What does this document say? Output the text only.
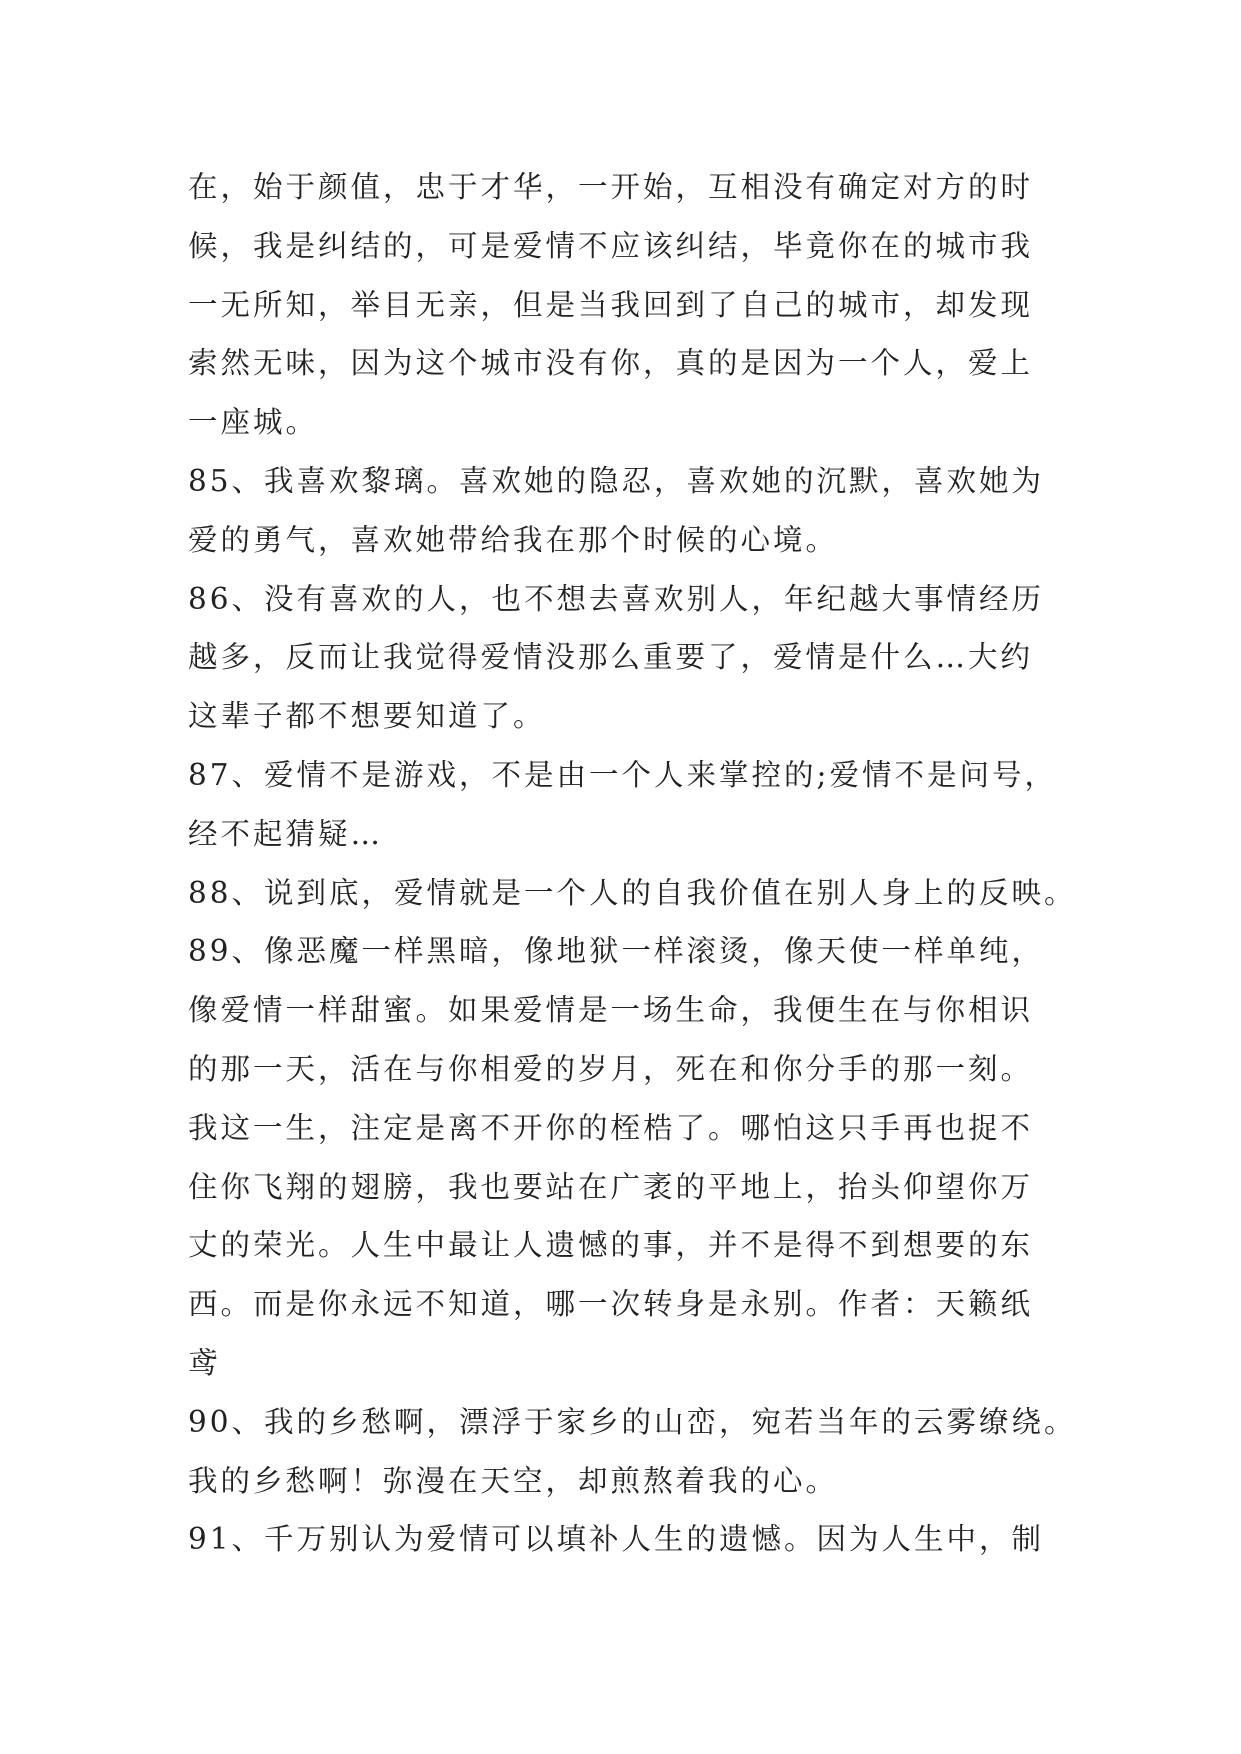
在，始于颜值，忠于才华，一开始，互相没有确定对方的时
候，我是纠结的，可是爱情不应该纠结，毕竟你在的城市我
一无所知，举目无亲，但是当我回到了自己的城市，却发现
索然无味，因为这个城市没有你，真的是因为一个人，爱上
一座城。
85、我喜欢黎璃。喜欢她的隐忍，喜欢她的沉默，喜欢她为
爱的勇气，喜欢她带给我在那个时候的心境。
86、没有喜欢的人，也不想去喜欢别人，年纪越大事情经历
越多，反而让我觉得爱情没那么重要了，爱情是什么…大约
这辈子都不想要知道了。
87、爱情不是游戏，不是由一个人来掌控的;爱情不是问号，
经不起猜疑…
88、说到底，爱情就是一个人的自我价值在别人身上的反映。
89、像恶魔一样黑暗，像地狱一样滚烫，像天使一样单纯，
像爱情一样甜蜜。如果爱情是一场生命，我便生在与你相识
的那一天，活在与你相爱的岁月，死在和你分手的那一刻。
我这一生，注定是离不开你的桎梏了。哪怕这只手再也捉不
住你飞翔的翅膀，我也要站在广袤的平地上，抬头仰望你万
丈的荣光。人生中最让人遗憾的事，并不是得不到想要的东
西。而是你永远不知道，哪一次转身是永别。作者：天籁纸
鸢
90、我的乡愁啊，漂浮于家乡的山峦，宛若当年的云雾缭绕。
我的乡愁啊！弥漫在天空，却煎熬着我的心。
91、千万别认为爱情可以填补人生的遗憾。因为人生中，制
